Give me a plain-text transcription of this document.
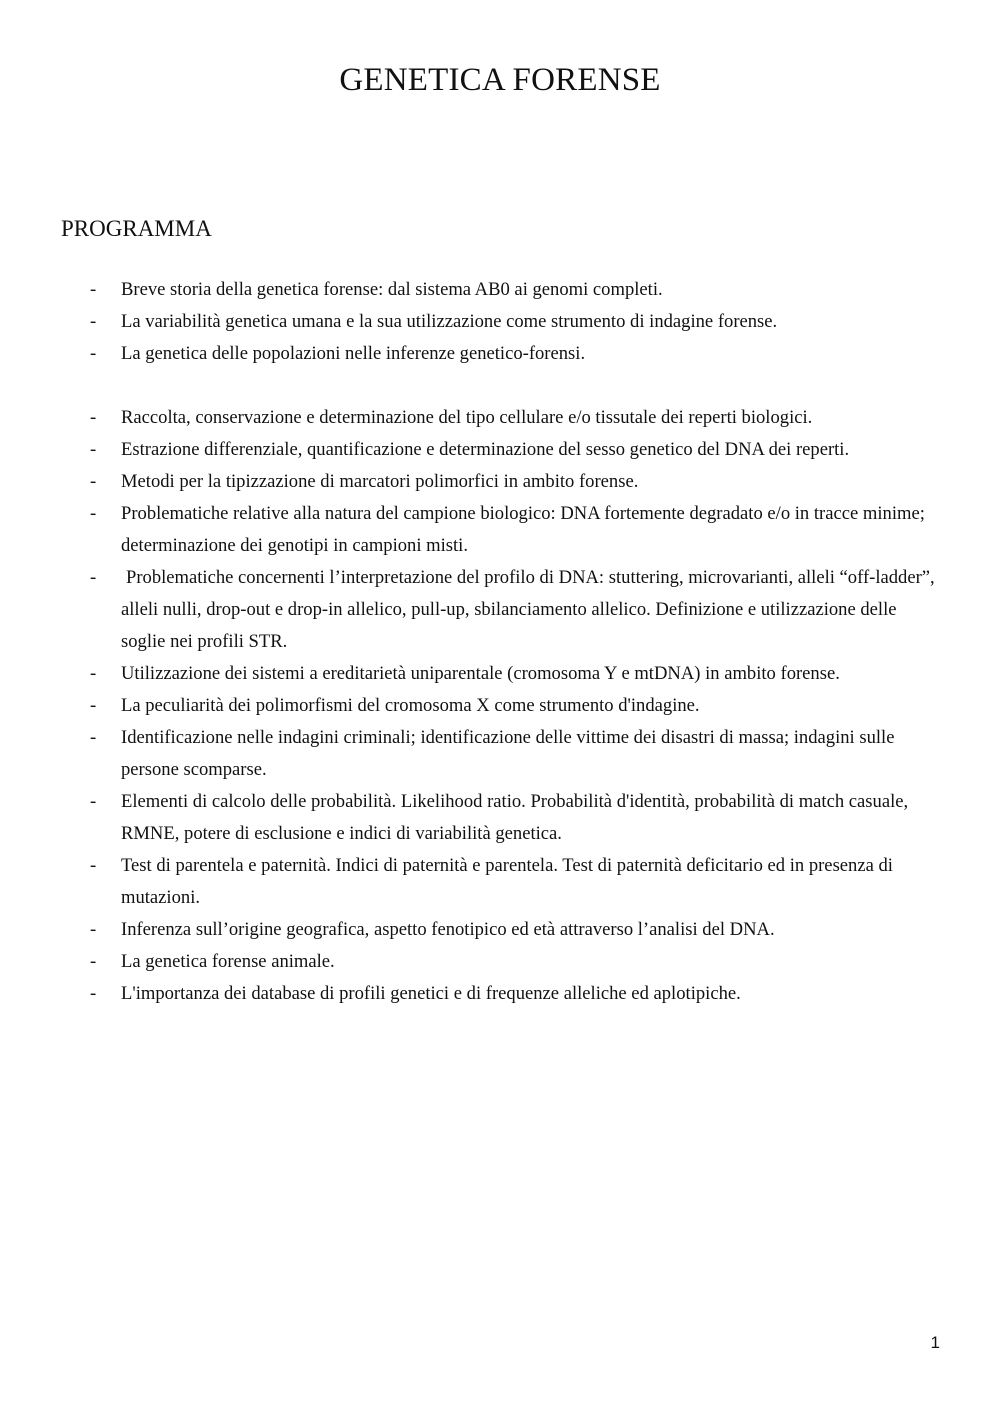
GENETICA FORENSE
PROGRAMMA
- Breve storia della genetica forense: dal sistema AB0 ai genomi completi.
- La variabilità genetica umana e la sua utilizzazione come strumento di indagine forense.
- La genetica delle popolazioni nelle inferenze genetico-forensi.
- Raccolta, conservazione e determinazione del tipo cellulare e/o tissutale dei reperti biologici.
- Estrazione differenziale, quantificazione e determinazione del sesso genetico del DNA dei reperti.
- Metodi per la tipizzazione di marcatori polimorfici in ambito forense.
- Problematiche relative alla natura del campione biologico: DNA fortemente degradato e/o in tracce minime; determinazione dei genotipi in campioni misti.
- Problematiche concernenti l’interpretazione del profilo di DNA: stuttering, microvarianti, alleli “off-ladder”, alleli nulli, drop-out e drop-in allelico, pull-up, sbilanciamento allelico. Definizione e utilizzazione delle soglie nei profili STR.
- Utilizzazione dei sistemi a ereditarietà uniparentale (cromosoma Y e mtDNA) in ambito forense.
- La peculiarità dei polimorfismi del cromosoma X come strumento d'indagine.
- Identificazione nelle indagini criminali; identificazione delle vittime dei disastri di massa; indagini sulle persone scomparse.
- Elementi di calcolo delle probabilità. Likelihood ratio. Probabilità d'identità, probabilità di match casuale, RMNE, potere di esclusione e indici di variabilità genetica.
- Test di parentela e paternità. Indici di paternità e parentela. Test di paternità deficitario ed in presenza di mutazioni.
- Inferenza sull’origine geografica, aspetto fenotipico ed età attraverso l’analisi del DNA.
- La genetica forense animale.
- L'importanza dei database di profili genetici e di frequenze alleliche ed aplotipiche.
1
